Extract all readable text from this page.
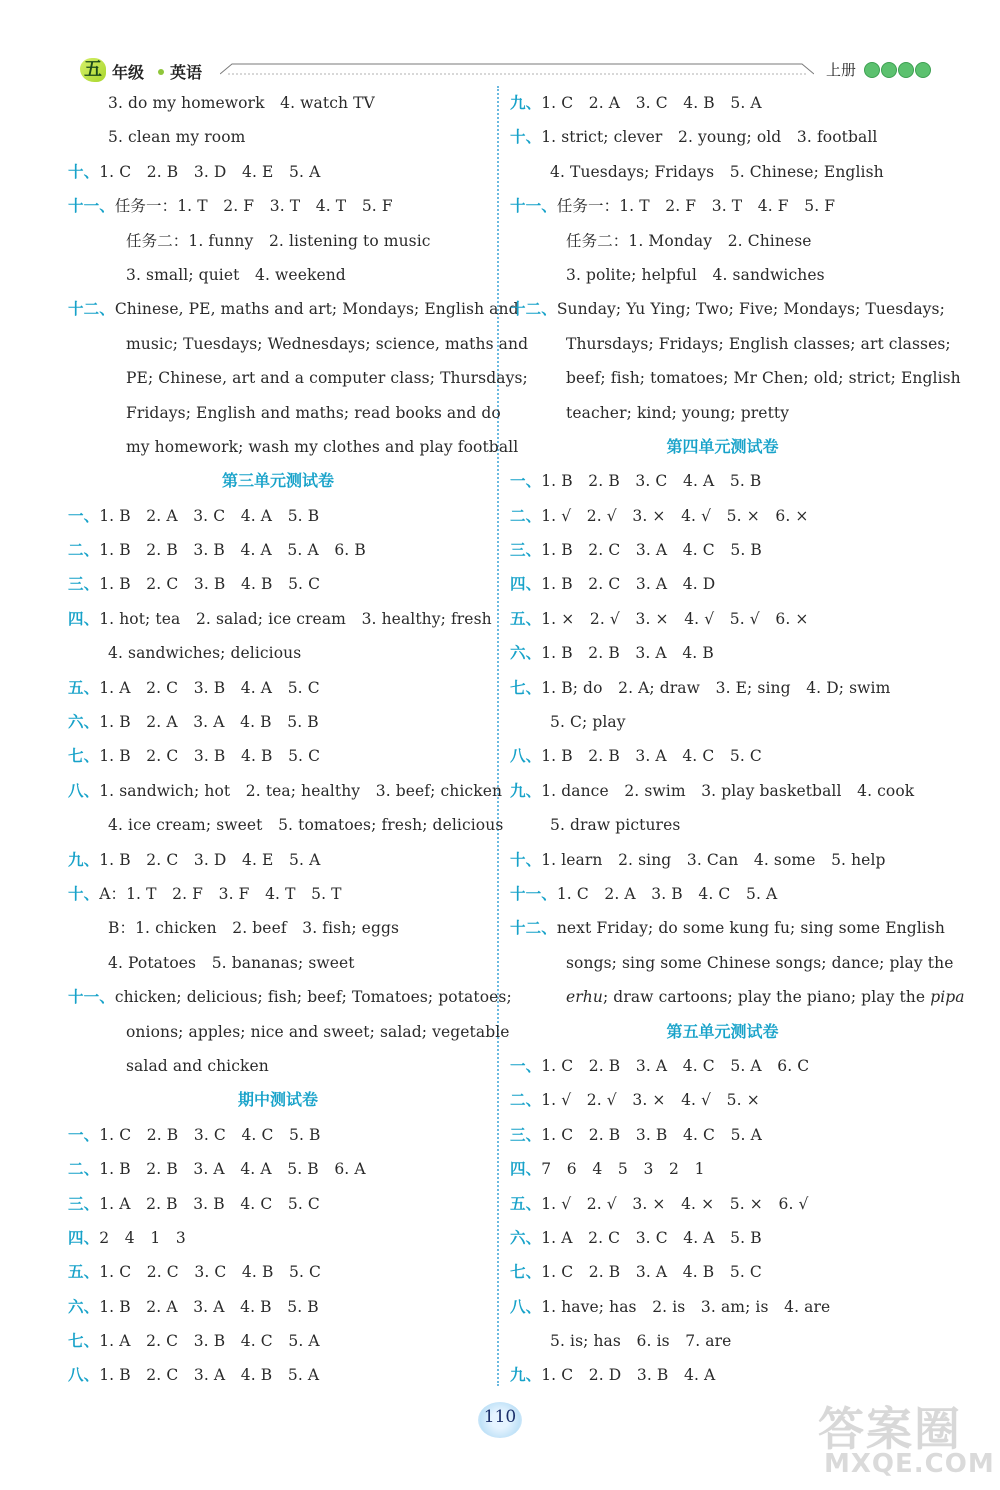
五 年级 英语	上册
3. do my homework　4. watch TV
5. clean my room
十、1. C　2. B　3. D　4. E　5. A
十一、任务一：1. T　2. F　3. T　4. T　5. F
任务二：1. funny　2. listening to music
3. small; quiet　4. weekend
十二、Chinese, PE, maths and art; Mondays; English and
music; Tuesdays; Wednesdays; science, maths and
PE; Chinese, art and a computer class; Thursdays;
Fridays; English and maths; read books and do
my homework; wash my clothes and play football
第三单元测试卷
一、1. B　2. A　3. C　4. A　5. B
二、1. B　2. B　3. B　4. A　5. A　6. B
三、1. B　2. C　3. B　4. B　5. C
四、1. hot; tea　2. salad; ice cream　3. healthy; fresh
4. sandwiches; delicious
五、1. A　2. C　3. B　4. A　5. C
六、1. B　2. A　3. A　4. B　5. B
七、1. B　2. C　3. B　4. B　5. C
八、1. sandwich; hot　2. tea; healthy　3. beef; chicken
4. ice cream; sweet　5. tomatoes; fresh; delicious
九、1. B　2. C　3. D　4. E　5. A
十、A：1. T　2. F　3. F　4. T　5. T
B：1. chicken　2. beef　3. fish; eggs
4. Potatoes　5. bananas; sweet
十一、chicken; delicious; fish; beef; Tomatoes; potatoes;
onions; apples; nice and sweet; salad; vegetable
salad and chicken
期中测试卷
一、1. C　2. B　3. C　4. C　5. B
二、1. B　2. B　3. A　4. A　5. B　6. A
三、1. A　2. B　3. B　4. C　5. C
四、2　4　1　3
五、1. C　2. C　3. C　4. B　5. C
六、1. B　2. A　3. A　4. B　5. B
七、1. A　2. C　3. B　4. C　5. A
八、1. B　2. C　3. A　4. B　5. A
九、1. C　2. A　3. C　4. B　5. A
十、1. strict; clever　2. young; old　3. football
4. Tuesdays; Fridays　5. Chinese; English
十一、任务一：1. T　2. F　3. T　4. F　5. F
任务二：1. Monday　2. Chinese
3. polite; helpful　4. sandwiches
十二、Sunday; Yu Ying; Two; Five; Mondays; Tuesdays;
Thursdays; Fridays; English classes; art classes;
beef; fish; tomatoes; Mr Chen; old; strict; English
teacher; kind; young; pretty
第四单元测试卷
一、1. B　2. B　3. C　4. A　5. B
二、1. √　2. √　3. ×　4. √　5. ×　6. ×
三、1. B　2. C　3. A　4. C　5. B
四、1. B　2. C　3. A　4. D
五、1. ×　2. √　3. ×　4. √　5. √　6. ×
六、1. B　2. B　3. A　4. B
七、1. B; do　2. A; draw　3. E; sing　4. D; swim
5. C; play
八、1. B　2. B　3. A　4. C　5. C
九、1. dance　2. swim　3. play basketball　4. cook
5. draw pictures
十、1. learn　2. sing　3. Can　4. some　5. help
十一、1. C　2. A　3. B　4. C　5. A
十二、next Friday; do some kung fu; sing some English
songs; sing some Chinese songs; dance; play the
erhu; draw cartoons; play the piano; play the pipa
第五单元测试卷
一、1. C　2. B　3. A　4. C　5. A　6. C
二、1. √　2. √　3. ×　4. √　5. ×
三、1. C　2. B　3. B　4. C　5. A
四、7　6　4　5　3　2　1
五、1. √　2. √　3. ×　4. ×　5. ×　6. √
六、1. A　2. C　3. C　4. A　5. B
七、1. C　2. B　3. A　4. B　5. C
八、1. have; has　2. is　3. am; is　4. are
5. is; has　6. is　7. are
九、1. C　2. D　3. B　4. A
110	答案圈
MXQE.COM
